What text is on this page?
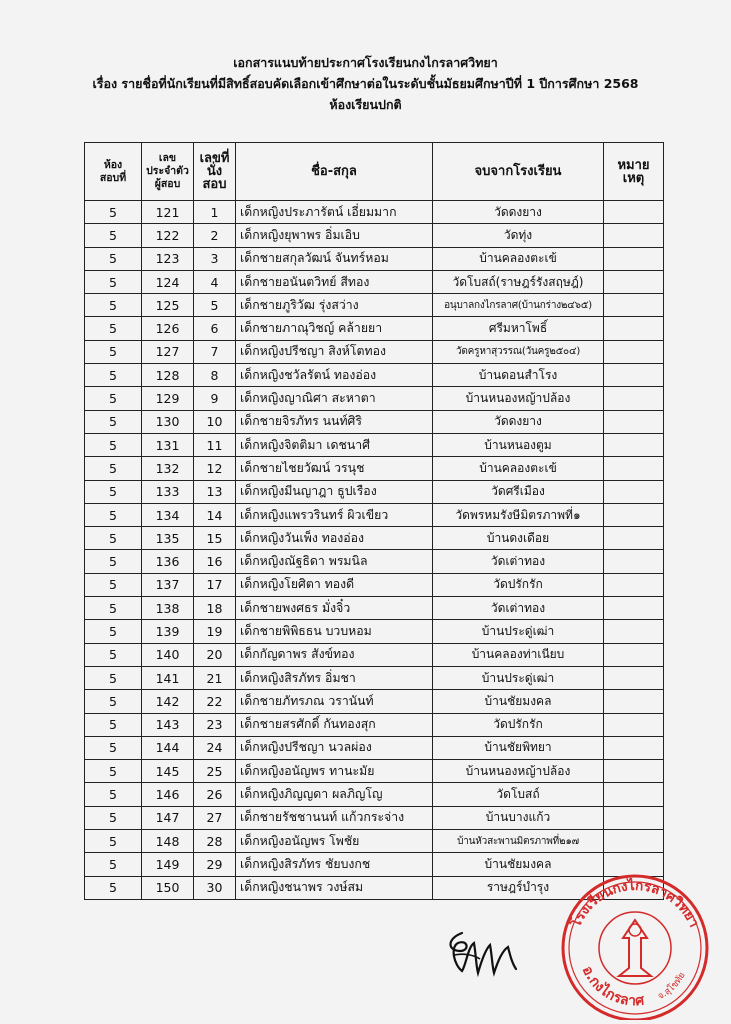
เอกสารแนบท้ายประกาศโรงเรียนกงไกรลาศวิทยา
เรื่อง รายชื่อที่นักเรียนที่มีสิทธิ์สอบคัดเลือกเข้าศึกษาต่อในระดับชั้นมัธยมศึกษาปีที่ 1 ปีการศึกษา 2568
ห้องเรียนปกติ
ห้อง
สอบที่	เลข
ประจำตัว
ผู้สอบ	เลขที่
นั่ง
สอบ	ชื่อ-สกุล	จบจากโรงเรียน	หมาย
เหตุ
5	121	1	เด็กหญิงประภารัตน์ เอี่ยมมาก	วัดดงยาง	
5	122	2	เด็กหญิงยุพาพร อิ่มเอิบ	วัดทุ่ง	
5	123	3	เด็กชายสกุลวัฒน์ จันทร์หอม	บ้านคลองตะเข้	
5	124	4	เด็กชายอนันตวิทย์ สีทอง	วัดโบสถ์(ราษฎร์รังสฤษฎ์)	
5	125	5	เด็กชายภูริวัฒ รุ่งสว่าง	อนุบาลกงไกรลาศ(บ้านกร่าง๒๔๖๕)	
5	126	6	เด็กชายภาณุวิชญ์ คล้ายยา	ศรีมหาโพธิ์	
5	127	7	เด็กหญิงปรีชญา สิงห์โตทอง	วัดครูหาสุวรรณ(วันครู๒๕๐๔)	
5	128	8	เด็กหญิงชวัลรัตน์ ทองอ่อง	บ้านดอนสำโรง	
5	129	9	เด็กหญิงญาณิศา สะหาตา	บ้านหนองหญ้าปล้อง	
5	130	10	เด็กชายจิรภัทร นนท์ศิริ	วัดดงยาง	
5	131	11	เด็กหญิงจิตติมา เดชนาศี	บ้านหนองตูม	
5	132	12	เด็กชายไชยวัฒน์ วรนุช	บ้านคลองตะเข้	
5	133	13	เด็กหญิงมีนญาฎา ธูปเรือง	วัดศรีเมือง	
5	134	14	เด็กหญิงแพรวรินทร์ ผิวเขียว	วัดพรหมรังษีมิตรภาพที่๑	
5	135	15	เด็กหญิงวันเพ็ง ทองอ่อง	บ้านดงเดือย	
5	136	16	เด็กหญิงณัฐธิดา พรมนิล	วัดเต่าทอง	
5	137	17	เด็กหญิงโยศิตา ทองดี	วัดปรักรัก	
5	138	18	เด็กชายพงศธร มั่งจิ๋ว	วัดเต่าทอง	
5	139	19	เด็กชายพิพิธธน บวบหอม	บ้านประดู่เฒ่า	
5	140	20	เด็กกัญดาพร สังข์ทอง	บ้านคลองท่าเนียบ	
5	141	21	เด็กหญิงสิรภัทร อิ่มชา	บ้านประดู่เฒ่า	
5	142	22	เด็กชายภัทรภณ วรานันท์	บ้านชัยมงคล	
5	143	23	เด็กชายสรศักดิ์ กันทองสุก	วัดปรักรัก	
5	144	24	เด็กหญิงปรีชญา นวลผ่อง	บ้านชัยพิทยา	
5	145	25	เด็กหญิงอนัญพร ทานะมัย	บ้านหนองหญ้าปล้อง	
5	146	26	เด็กหญิงภิญญดา ผลภิญโญ	วัดโบสถ์	
5	147	27	เด็กชายรัชชานนท์ แก้วกระจ่าง	บ้านบางแก้ว	
5	148	28	เด็กหญิงอนัญพร โพชัย	บ้านหัวสะพานมิตรภาพที่๒๑๗	
5	149	29	เด็กหญิงสิรภัทร ชัยบงกช	บ้านชัยมงคล	
5	150	30	เด็กหญิงชนาพร วงษ์สม	ราษฎร์บำรุง	
โรงเรียนกงไกรลาศวิทยา
อ.กงไกรลาศ จ.สุโขทัย
